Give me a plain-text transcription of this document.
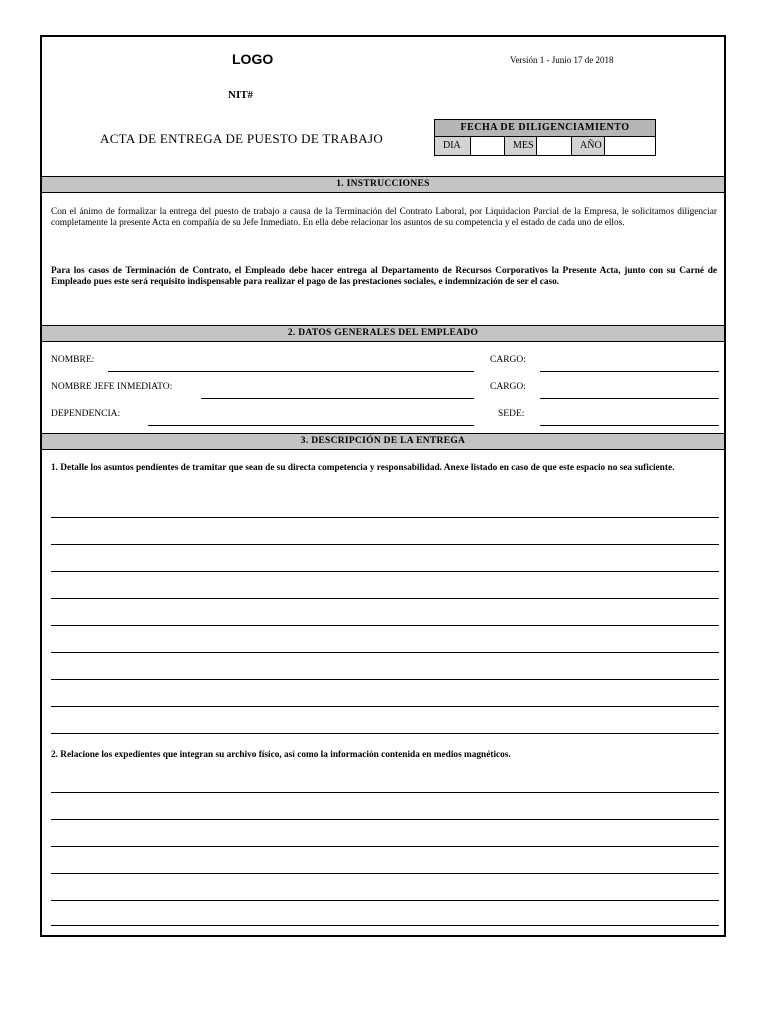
LOGO
NIT#
Versión 1 - Junio 17 de 2018
ACTA DE ENTREGA DE PUESTO DE TRABAJO
FECHA DE DILIGENCIAMIENTO
DIA	MES	AÑO
1. INSTRUCCIONES
Con el ánimo de formalizar la entrega del puesto de trabajo a causa de la Terminación del Contrato Laboral, por Liquidacion Parcial de la Empresa, le solicitamos diligenciar completamente la presente Acta en compañía de su Jefe Inmediato. En ella debe relacionar los asuntos de su competencia y el estado de cada uno de ellos.
Para los casos de Terminación de Contrato, el Empleado debe hacer entrega al Departamento de Recursos Corporativos la Presente Acta, junto con su Carné de Empleado pues este será requisito indispensable para realizar el pago de las prestaciones sociales, e indemnización de ser el caso.
2. DATOS GENERALES DEL EMPLEADO
NOMBRE:	CARGO:
NOMBRE JEFE INMEDIATO:	CARGO:
DEPENDENCIA:	SEDE:
3. DESCRIPCIÓN DE LA ENTREGA
1. Detalle los asuntos pendientes de tramitar que sean de su directa competencia y responsabilidad. Anexe listado en caso de que este espacio no sea suficiente.
2. Relacione los expedientes que integran su archivo físico, así como la información contenida en medios magnéticos.
